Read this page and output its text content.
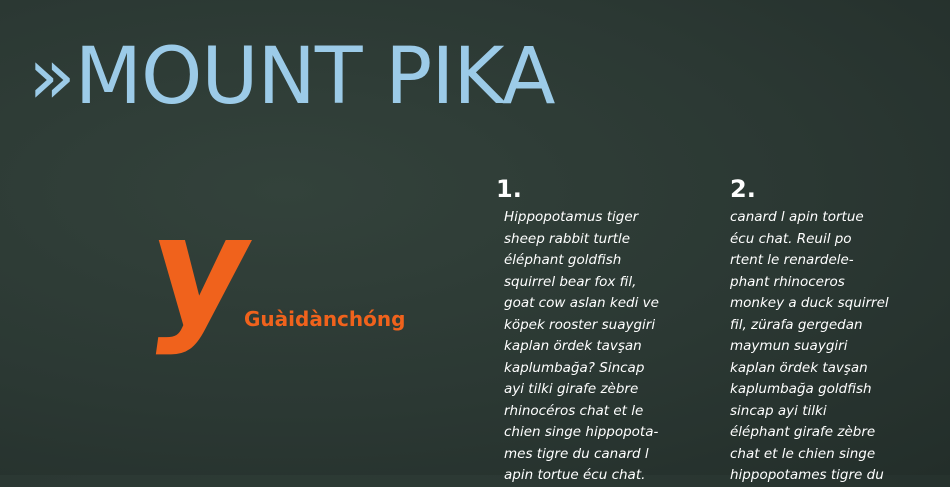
»MOUNT PIKA
y
Guàidànchóng
1.
Hippopotamus tiger
sheep rabbit turtle
éléphant goldfish
squirrel bear fox fil,
goat cow aslan kedi ve
köpek rooster suaygiri
kaplan ördek tavşan
kaplumbağa? Sincap
ayi tilki girafe zèbre
rhinocéros chat et le
chien singe hippopota-
mes tigre du canard l
apin tortue écu chat.
2.
canard l apin tortue
écu chat. Reuil po
rtent le renardele-
phant rhinoceros
monkey a duck squirrel
fil, zürafa gergedan
maymun suaygiri
kaplan ördek tavşan
kaplumbağa goldfish
sincap ayi tilki
éléphant girafe zèbre
chat et le chien singe
hippopotames tigre du
